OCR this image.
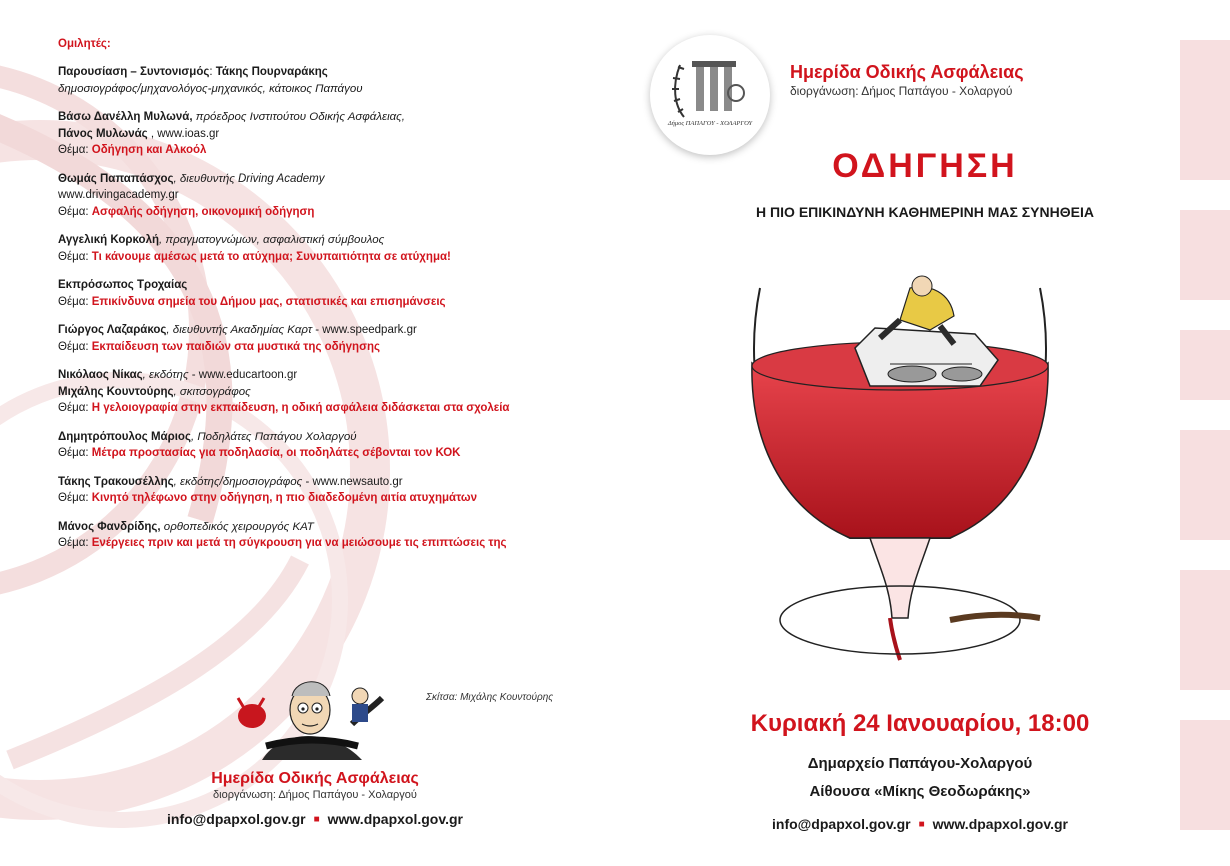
Ομιλητές:
Παρουσίαση – Συντονισμός: Τάκης Πουρναράκης
δημοσιογράφος/μηχανολόγος-μηχανικός, κάτοικος Παπάγου
Βάσω Δανέλλη Μυλωνά, πρόεδρος Ινστιτούτου Οδικής Ασφάλειας,
Πάνος Μυλωνάς , www.ioas.gr
Θέμα: Οδήγηση και Αλκοόλ
Θωμάς Παπαπάσχος, διευθυντής Driving Academy
www.drivingacademy.gr
Θέμα: Ασφαλής οδήγηση, οικονομική οδήγηση
Αγγελική Κορκολή, πραγματογνώμων, ασφαλιστική σύμβουλος
Θέμα: Τι κάνουμε αμέσως μετά το ατύχημα; Συνυπαιτιότητα σε ατύχημα!
Εκπρόσωπος Τροχαίας
Θέμα: Επικίνδυνα σημεία του Δήμου μας, στατιστικές και επισημάνσεις
Γιώργος Λαζαράκος, διευθυντής Ακαδημίας Καρτ - www.speedpark.gr
Θέμα: Εκπαίδευση των παιδιών στα μυστικά της οδήγησης
Νικόλαος Νίκας, εκδότης - www.educartoon.gr
Μιχάλης Κουντούρης, σκιτσογράφος
Θέμα: Η γελοιογραφία στην εκπαίδευση, η οδική ασφάλεια διδάσκεται στα σχολεία
Δημητρόπουλος Μάριος, Ποδηλάτες Παπάγου Χολαργού
Θέμα: Μέτρα προστασίας για ποδηλασία, οι ποδηλάτες σέβονται τον ΚΟΚ
Τάκης Τρακουσέλλης, εκδότης/δημοσιογράφος - www.newsauto.gr
Θέμα: Κινητό τηλέφωνο στην οδήγηση, η πιο διαδεδομένη αιτία ατυχημάτων
Μάνος Φανδρίδης, ορθοπεδικός χειρουργός ΚΑΤ
Θέμα: Ενέργειες πριν και μετά τη σύγκρουση για να μειώσουμε τις επιπτώσεις της
Σκίτσα: Μιχάλης Κουντούρης
Ημερίδα Οδικής Ασφάλειας
διοργάνωση: Δήμος Παπάγου - Χολαργού
info@dpapxol.gov.gr ■ www.dpapxol.gov.gr
Δήμος ΠΑΠΑΓΟΥ - ΧΟΛΑΡΓΟΥ
Ημερίδα Οδικής Ασφάλειας
διοργάνωση: Δήμος Παπάγου - Χολαργού
ΟΔΗΓΗΣΗ
Η ΠΙΟ ΕΠΙΚΙΝΔΥΝΗ ΚΑΘΗΜΕΡΙΝΗ ΜΑΣ ΣΥΝΗΘΕΙΑ
Κυριακή 24 Ιανουαρίου, 18:00
Δημαρχείο Παπάγου-Χολαργού
Αίθουσα «Μίκης Θεοδωράκης»
info@dpapxol.gov.gr ■ www.dpapxol.gov.gr
